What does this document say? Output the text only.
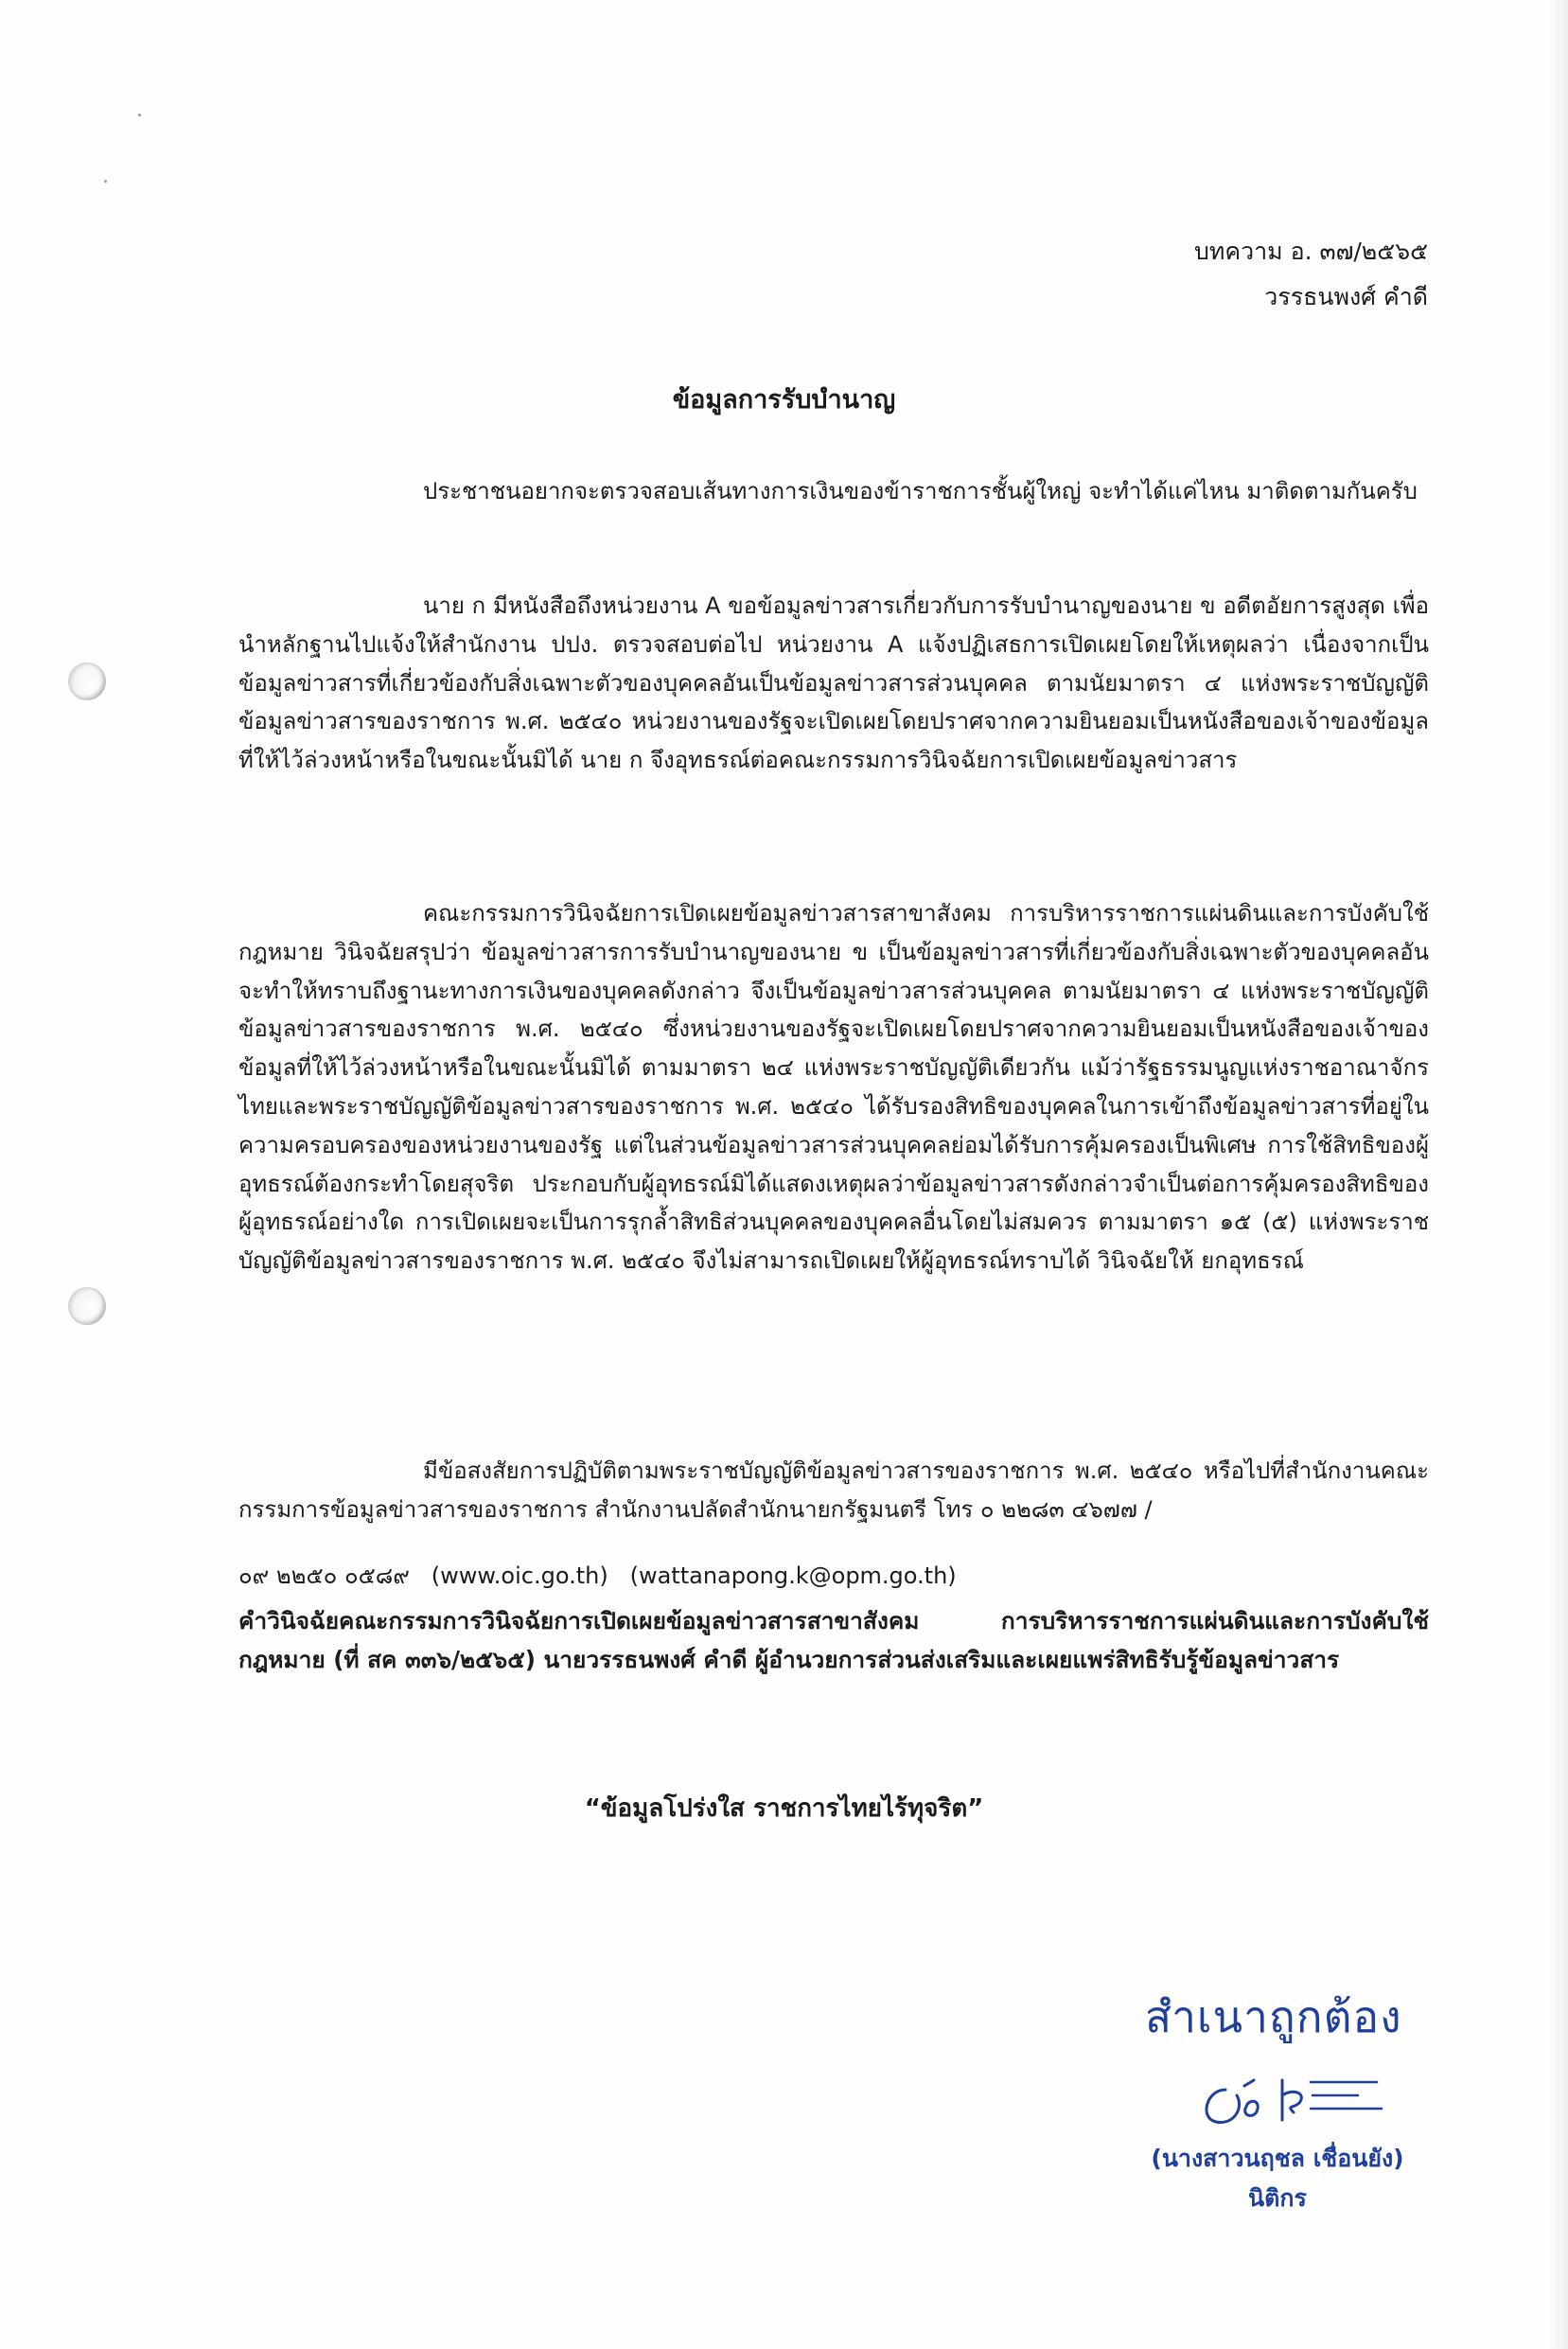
บทความ อ. ๓๗/๒๕๖๕
วรรธนพงศ์ คำดี
ข้อมูลการรับบำนาญ

ประชาชนอยากจะตรวจสอบเส้นทางการเงินของข้าราชการชั้นผู้ใหญ่ จะทำได้แค่ไหน มาติดตามกันครับ

นาย ก มีหนังสือถึงหน่วยงาน A ขอข้อมูลข่าวสารเกี่ยวกับการรับบำนาญของนาย ข อดีตอัยการสูงสุด เพื่อนำหลักฐานไปแจ้งให้สำนักงาน ปปง. ตรวจสอบต่อไป หน่วยงาน A แจ้งปฏิเสธการเปิดเผยโดยให้เหตุผลว่า เนื่องจากเป็นข้อมูลข่าวสารที่เกี่ยวข้องกับสิ่งเฉพาะตัวของบุคคลอันเป็นข้อมูลข่าวสารส่วนบุคคล ตามนัยมาตรา ๔ แห่งพระราชบัญญัติข้อมูลข่าวสารของราชการ พ.ศ. ๒๕๔๐ หน่วยงานของรัฐจะเปิดเผยโดยปราศจากความยินยอมเป็นหนังสือของเจ้าของข้อมูลที่ให้ไว้ล่วงหน้าหรือในขณะนั้นมิได้ นาย ก จึงอุทธรณ์ต่อคณะกรรมการวินิจฉัยการเปิดเผยข้อมูลข่าวสาร

คณะกรรมการวินิจฉัยการเปิดเผยข้อมูลข่าวสารสาขาสังคม การบริหารราชการแผ่นดินและการบังคับใช้กฎหมาย วินิจฉัยสรุปว่า ข้อมูลข่าวสารการรับบำนาญของนาย ข เป็นข้อมูลข่าวสารที่เกี่ยวข้องกับสิ่งเฉพาะตัวของบุคคลอันจะทำให้ทราบถึงฐานะทางการเงินของบุคคลดังกล่าว จึงเป็นข้อมูลข่าวสารส่วนบุคคล ตามนัยมาตรา ๔ แห่งพระราชบัญญัติข้อมูลข่าวสารของราชการ พ.ศ. ๒๕๔๐ ซึ่งหน่วยงานของรัฐจะเปิดเผยโดยปราศจากความยินยอมเป็นหนังสือของเจ้าของข้อมูลที่ให้ไว้ล่วงหน้าหรือในขณะนั้นมิได้ ตามมาตรา ๒๔ แห่งพระราชบัญญัติเดียวกัน แม้ว่ารัฐธรรมนูญแห่งราชอาณาจักรไทยและพระราชบัญญัติข้อมูลข่าวสารของราชการ พ.ศ. ๒๕๔๐ ได้รับรองสิทธิของบุคคลในการเข้าถึงข้อมูลข่าวสารที่อยู่ในความครอบครองของหน่วยงานของรัฐ แต่ในส่วนข้อมูลข่าวสารส่วนบุคคลย่อมได้รับการคุ้มครองเป็นพิเศษ การใช้สิทธิของผู้อุทธรณ์ต้องกระทำโดยสุจริต ประกอบกับผู้อุทธรณ์มิได้แสดงเหตุผลว่าข้อมูลข่าวสารดังกล่าวจำเป็นต่อการคุ้มครองสิทธิของผู้อุทธรณ์อย่างใด การเปิดเผยจะเป็นการรุกล้ำสิทธิส่วนบุคคลของบุคคลอื่นโดยไม่สมควร ตามมาตรา ๑๕ (๕) แห่งพระราชบัญญัติข้อมูลข่าวสารของราชการ พ.ศ. ๒๕๔๐ จึงไม่สามารถเปิดเผยให้ผู้อุทธรณ์ทราบได้ วินิจฉัยให้ ยกอุทธรณ์

มีข้อสงสัยการปฏิบัติตามพระราชบัญญัติข้อมูลข่าวสารของราชการ พ.ศ. ๒๕๔๐ หรือไปที่สำนักงานคณะกรรมการข้อมูลข่าวสารของราชการ สำนักงานปลัดสำนักนายกรัฐมนตรี โทร ๐ ๒๒๘๓ ๔๖๗๗ /

๐๙ ๒๒๕๐ ๐๕๘๙ (www.oic.go.th) (wattanapong.k@opm.go.th)

คำวินิจฉัยคณะกรรมการวินิจฉัยการเปิดเผยข้อมูลข่าวสารสาขาสังคม การบริหารราชการแผ่นดินและการบังคับใช้กฎหมาย (ที่ สค ๓๓๖/๒๕๖๕) นายวรรธนพงศ์ คำดี ผู้อำนวยการส่วนส่งเสริมและเผยแพร่สิทธิรับรู้ข้อมูลข่าวสาร

“ข้อมูลโปร่งใส ราชการไทยไร้ทุจริต”
สำเนาถูกต้อง
(นางสาวนฤชล เชื่อนยัง)
นิติกร
